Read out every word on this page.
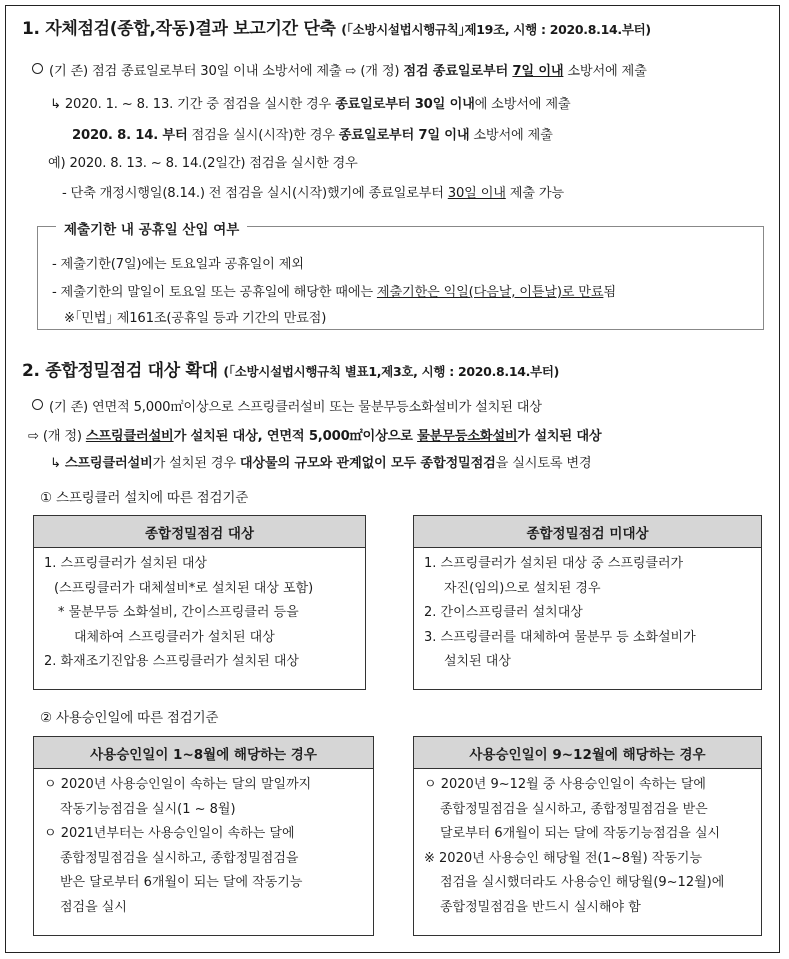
1. 자체점검(종합,작동)결과 보고기간 단축 (｢소방시설법시행규칙｣제19조, 시행 : 2020.8.14.부터)
(기 존) 점검 종료일로부터 30일 이내 소방서에 제출 ⇨ (개 정) 점검 종료일로부터 7일 이내 소방서에 제출
↳ 2020. 1. ~ 8. 13. 기간 중 점검을 실시한 경우 종료일로부터 30일 이내에 소방서에 제출
2020. 8. 14. 부터 점검을 실시(시작)한 경우 종료일로부터 7일 이내 소방서에 제출
예) 2020. 8. 13. ~ 8. 14.(2일간) 점검을 실시한 경우
- 단축 개정시행일(8.14.) 전 점검을 실시(시작)했기에 종료일로부터 30일 이내 제출 가능
제출기한 내 공휴일 산입 여부
- 제출기한(7일)에는 토요일과 공휴일이 제외
- 제출기한의 말일이 토요일 또는 공휴일에 해당한 때에는 제출기한은 익일(다음날, 이튿날)로 만료됨
※｢민법｣ 제161조(공휴일 등과 기간의 만료점)
2. 종합정밀점검 대상 확대 (｢소방시설법시행규칙 별표1,제3호, 시행 : 2020.8.14.부터)
(기 존) 연면적 5,000㎡이상으로 스프링클러설비 또는 물분무등소화설비가 설치된 대상
⇨ (개 정) 스프링클러설비가 설치된 대상, 연면적 5,000㎡이상으로 물분무등소화설비가 설치된 대상
↳ 스프링클러설비가 설치된 경우 대상물의 규모와 관계없이 모두 종합정밀점검을 실시토록 변경
① 스프링클러 설치에 따른 점검기준
종합정밀점검 대상
1. 스프링클러가 설치된 대상
(스프링클러가 대체설비*로 설치된 대상 포함)
* 물분무등 소화설비, 간이스프링클러 등을
대체하여 스프링클러가 설치된 대상
2. 화재조기진압용 스프링클러가 설치된 대상
종합정밀점검 미대상
1. 스프링클러가 설치된 대상 중 스프링클러가
자진(임의)으로 설치된 경우
2. 간이스프링클러 설치대상
3. 스프링클러를 대체하여 물분무 등 소화설비가
설치된 대상
② 사용승인일에 따른 점검기준
사용승인일이 1~8월에 해당하는 경우
ㅇ 2020년 사용승인일이 속하는 달의 말일까지
작동기능점검을 실시(1 ~ 8월)
ㅇ 2021년부터는 사용승인일이 속하는 달에
종합정밀점검을 실시하고, 종합정밀점검을
받은 달로부터 6개월이 되는 달에 작동기능
점검을 실시
사용승인일이 9~12월에 해당하는 경우
ㅇ 2020년 9~12월 중 사용승인일이 속하는 달에
종합정밀점검을 실시하고, 종합정밀점검을 받은
달로부터 6개월이 되는 달에 작동기능점검을 실시
※ 2020년 사용승인 해당월 전(1~8월) 작동기능
점검을 실시했더라도 사용승인 해당월(9~12월)에
종합정밀점검을 반드시 실시해야 함
